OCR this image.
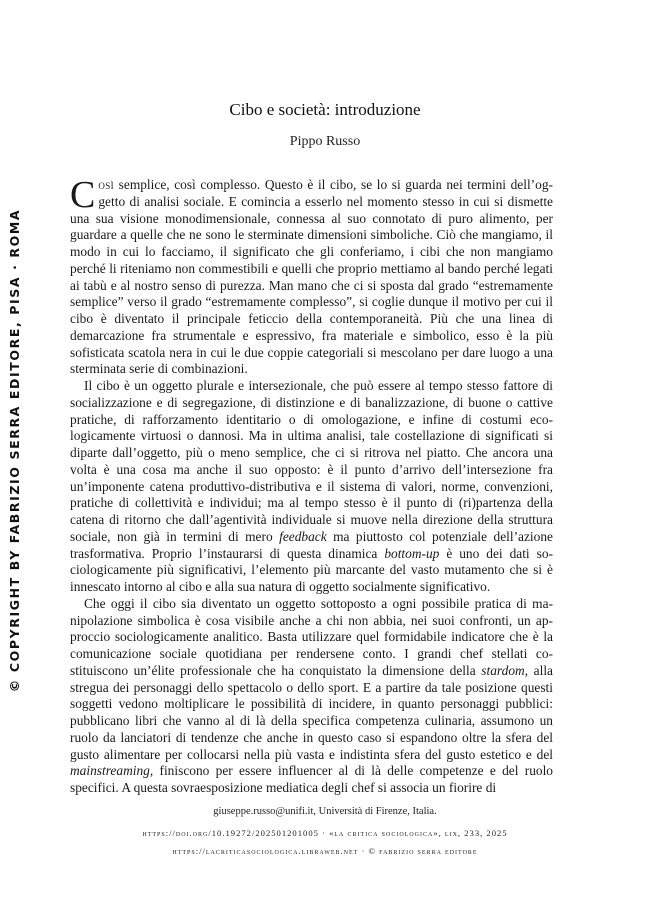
© COPYRIGHT BY FABRIZIO SERRA EDITORE, PISA · ROMA
Cibo e società: introduzione
Pippo Russo

Così semplice, così complesso. Questo è il cibo, se lo si guarda nei termini dell’oggetto di analisi sociale. E comincia a esserlo nel momento stesso in cui si dismette una sua visione monodimensionale, connessa al suo connotato di puro alimento, per guardare a quelle che ne sono le sterminate dimensioni simboliche. Ciò che mangiamo, il modo in cui lo facciamo, il significato che gli conferiamo, i cibi che non mangiamo perché li riteniamo non commestibili e quelli che proprio mettiamo al bando perché legati ai tabù e al nostro senso di purezza. Man mano che ci si sposta dal grado “estremamente semplice” verso il grado “estremamente complesso”, si coglie dunque il motivo per cui il cibo è diventato il principale feticcio della contemporaneità. Più che una linea di demarcazione fra strumentale e espressivo, fra materiale e simbolico, esso è la più sofisticata scatola nera in cui le due coppie categoriali si mescolano per dare luogo a una sterminata serie di combinazioni.

Il cibo è un oggetto plurale e intersezionale, che può essere al tempo stesso fattore di socializzazione e di segregazione, di distinzione e di banalizzazione, di buone o cattive pratiche, di rafforzamento identitario o di omologazione, e infine di costumi ecologicamente virtuosi o dannosi. Ma in ultima analisi, tale costellazione di significati si diparte dall’oggetto, più o meno semplice, che ci si ritrova nel piatto. Che ancora una volta è una cosa ma anche il suo opposto: è il punto d’arrivo dell’intersezione fra un’imponente catena produttivo-distributiva e il sistema di valori, norme, convenzioni, pratiche di collettività e individui; ma al tempo stesso è il punto di (ri)partenza della catena di ritorno che dall’agentività individuale si muove nella direzione della struttura sociale, non già in termini di mero feedback ma piuttosto col potenziale dell’azione trasformativa. Proprio l’instaurarsi di questa dinamica bottom-up è uno dei dati sociologicamente più significativi, l’elemento più marcante del vasto mutamento che si è innescato intorno al cibo e alla sua natura di oggetto socialmente significativo.

Che oggi il cibo sia diventato un oggetto sottoposto a ogni possibile pratica di manipolazione simbolica è cosa visibile anche a chi non abbia, nei suoi confronti, un approccio sociologicamente analitico. Basta utilizzare quel formidabile indicatore che è la comunicazione sociale quotidiana per rendersene conto. I grandi chef stellati costituiscono un’élite professionale che ha conquistato la dimensione della stardom, alla stregua dei personaggi dello spettacolo o dello sport. E a partire da tale posizione questi soggetti vedono moltiplicare le possibilità di incidere, in quanto personaggi pubblici: pubblicano libri che vanno al di là della specifica competenza culinaria, assumono un ruolo da lanciatori di tendenze che anche in questo caso si espandono oltre la sfera del gusto alimentare per collocarsi nella più vasta e indistinta sfera del gusto estetico e del mainstreaming, finiscono per essere influencer al di là delle competenze e del ruolo specifici. A questa sovraesposizione mediatica degli chef si associa un fiorire di

giuseppe.russo@unifi.it, Università di Firenze, Italia.
https://doi.org/10.19272/202501201005 · «la critica sociologica», lix, 233, 2025
https://lacriticasociologica.libraweb.net · © fabrizio serra editore
